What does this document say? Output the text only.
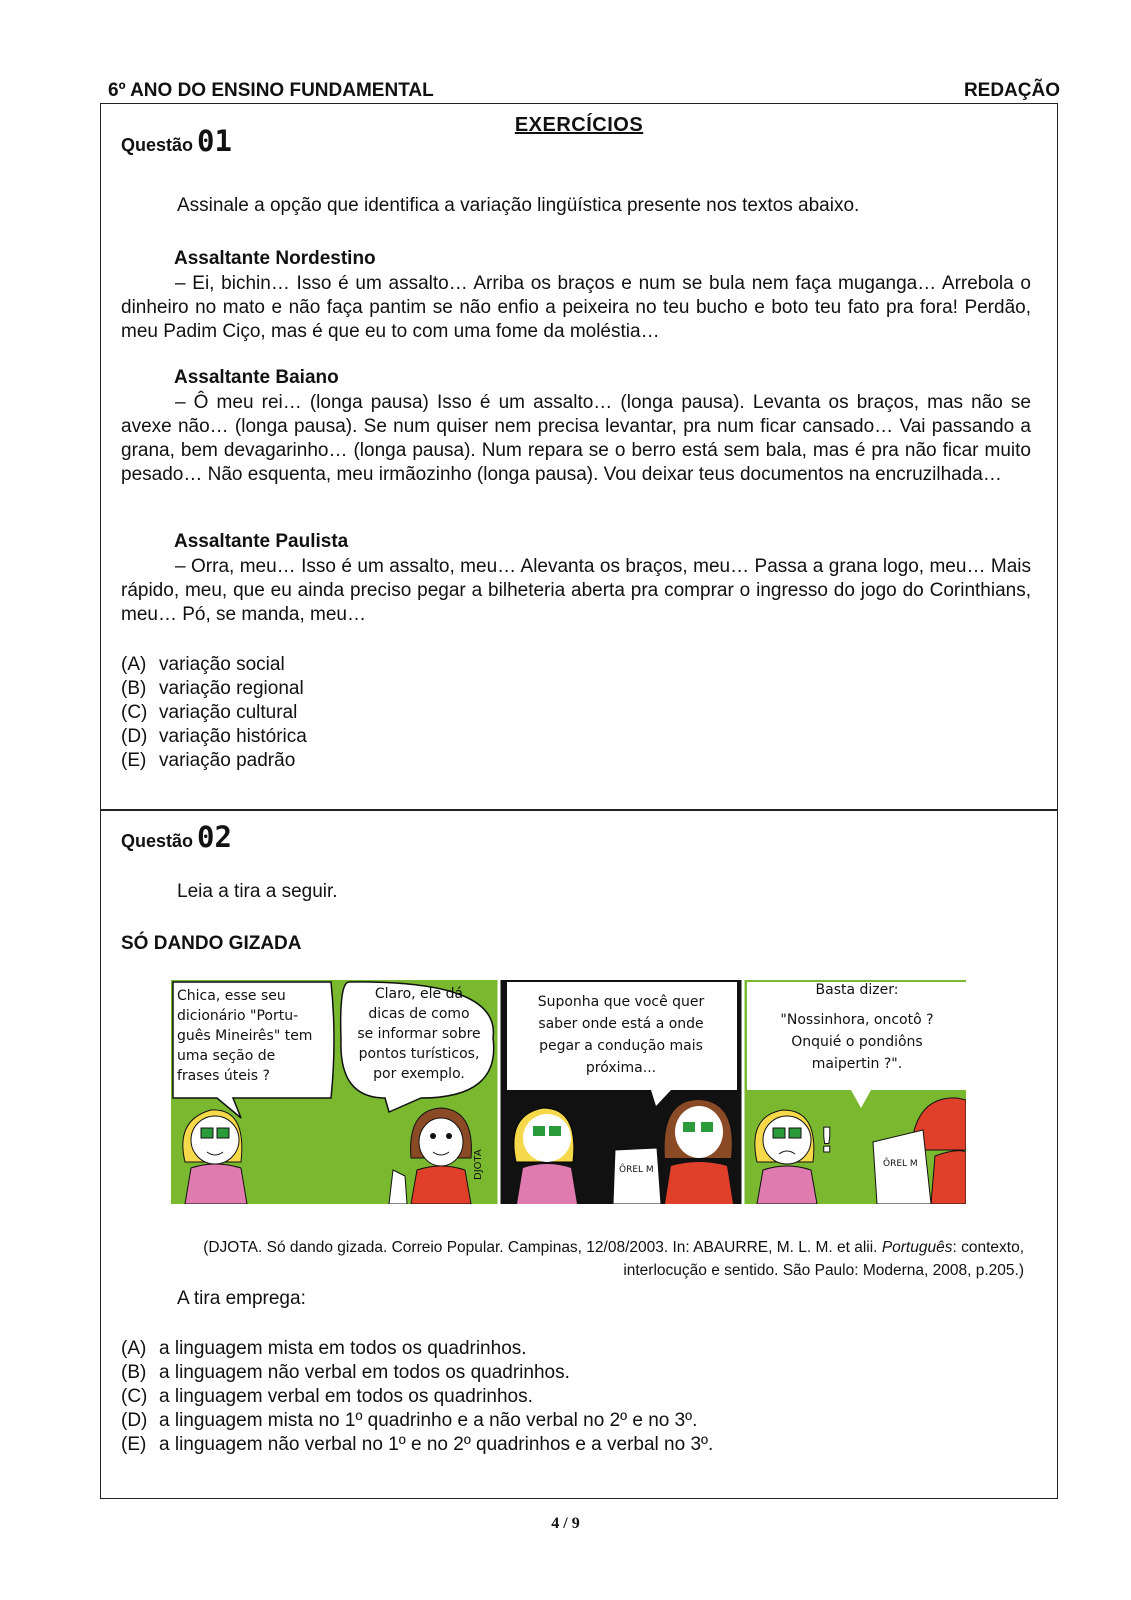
6º ANO DO ENSINO FUNDAMENTAL	REDAÇÃO
EXERCÍCIOS
Questão 01
Assinale a opção que identifica a variação lingüística presente nos textos abaixo.
Assaltante Nordestino
– Ei, bichin… Isso é um assalto… Arriba os braços e num se bula nem faça muganga… Arrebola o dinheiro no mato e não faça pantim se não enfio a peixeira no teu bucho e boto teu fato pra fora! Perdão, meu Padim Ciço, mas é que eu to com uma fome da moléstia…
Assaltante Baiano
– Ô meu rei… (longa pausa) Isso é um assalto… (longa pausa). Levanta os braços, mas não se avexe não… (longa pausa). Se num quiser nem precisa levantar, pra num ficar cansado… Vai passando a grana, bem devagarinho… (longa pausa). Num repara se o berro está sem bala, mas é pra não ficar muito pesado… Não esquenta, meu irmãozinho (longa pausa). Vou deixar teus documentos na encruzilhada…
Assaltante Paulista
– Orra, meu… Isso é um assalto, meu… Alevanta os braços, meu… Passa a grana logo, meu… Mais rápido, meu, que eu ainda preciso pegar a bilheteria aberta pra comprar o ingresso do jogo do Corinthians, meu… Pó, se manda, meu…
(A) variação social
(B) variação regional
(C) variação cultural
(D) variação histórica
(E) variação padrão
Questão 02
Leia a tira a seguir.
SÓ DANDO GIZADA
Chica, esse seu
dicionário "Portu-
guês Mineirês" tem
uma seção de
frases úteis ?
Claro, ele dá
dicas de como
se informar sobre
pontos turísticos,
por exemplo.
Suponha que você quer
saber onde está a onde
pegar a condução mais
próxima...
Basta dizer:
"Nossinhora, oncotô ?
Onquié o pondiôns
maipertin ?".
DJOTA	ÔREL M
!
ÔREL M
(DJOTA. Só dando gizada. Correio Popular. Campinas, 12/08/2003. In: ABAURRE, M. L. M. et alii. Português: contexto,
interlocução e sentido. São Paulo: Moderna, 2008, p.205.)
A tira emprega:
(A) a linguagem mista em todos os quadrinhos.
(B) a linguagem não verbal em todos os quadrinhos.
(C) a linguagem verbal em todos os quadrinhos.
(D) a linguagem mista no 1º quadrinho e a não verbal no 2º e no 3º.
(E) a linguagem não verbal no 1º e no 2º quadrinhos e a verbal no 3º.
4 / 9
